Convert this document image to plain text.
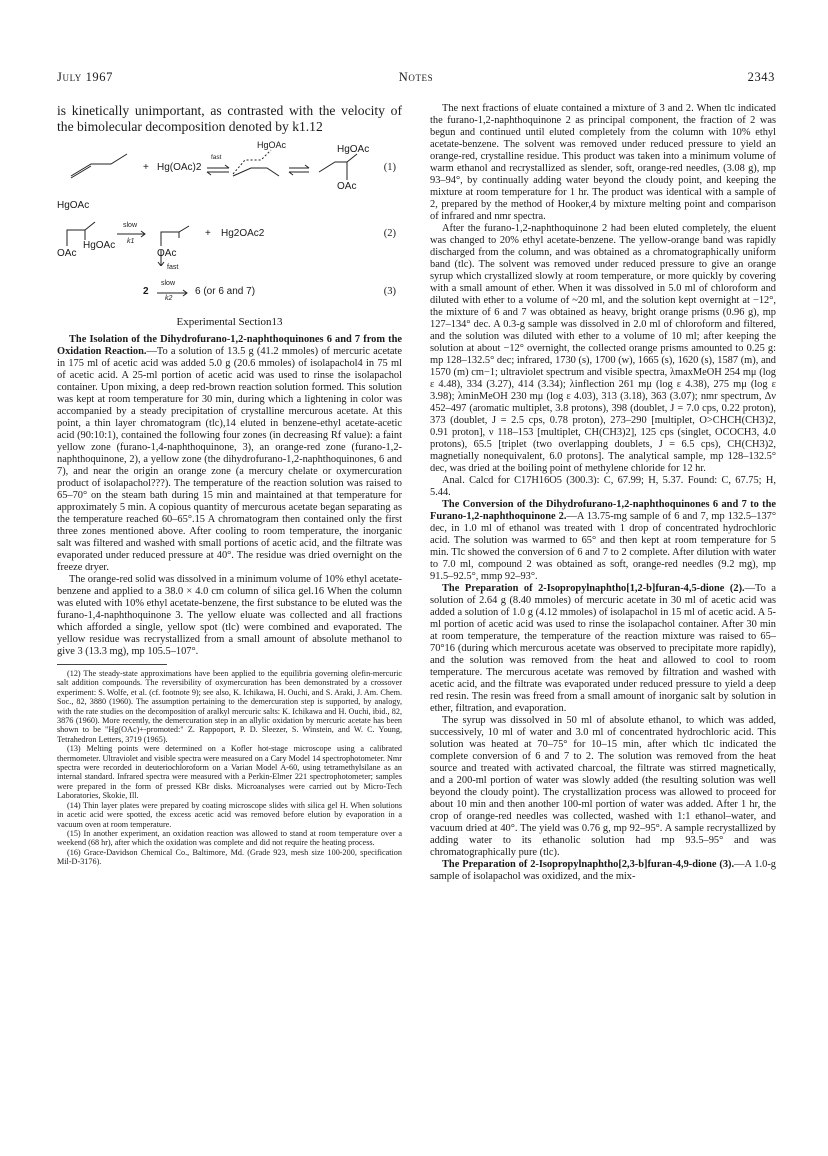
July 1967	Notes	2343

is kinetically unimportant, as contrasted with the velocity of the bimolecular decomposition denoted by k1.12

+ Hg(OAc)2
fast
HgOAc	HgOAc
OAc
(1)
HgOAc
OAc
HgOAc
slow
k1
OAc
+ Hg2OAc2	(2)
fast
2
slow
k2
6 (or 6 and 7)	(3)
Experimental Section13

The Isolation of the Dihydrofurano-1,2-naphthoquinones 6 and 7 from the Oxidation Reaction.—To a solution of 13.5 g (41.2 mmoles) of mercuric acetate in 175 ml of acetic acid was added 5.0 g (20.6 mmoles) of isolapachol4 in 75 ml of acetic acid. A 25-ml portion of acetic acid was used to rinse the isolapachol container. Upon mixing, a deep red-brown reaction solution formed. This solution was kept at room temperature for 30 min, during which a lightening in color was accompanied by a steady precipitation of crystalline mercurous acetate. At this point, a thin layer chromatogram (tlc),14 eluted in benzene-ethyl acetate-acetic acid (90:10:1), contained the following four zones (in decreasing Rf value): a faint yellow zone (furano-1,4-naphthoquinone, 3), an orange-red zone (furano-1,2-naphthoquinone, 2), a yellow zone (the dihydrofurano-1,2-naphthoquinones, 6 and 7), and near the origin an orange zone (a mercury chelate or oxymercuration product of isolapachol???). The temperature of the reaction solution was raised to 65–70° on the steam bath during 15 min and maintained at that temperature for approximately 5 min. A copious quantity of mercurous acetate began separating as the temperature reached 60–65°.15 A chromatogram then contained only the first three zones mentioned above. After cooling to room temperature, the inorganic salt was filtered and washed with small portions of acetic acid, and the filtrate was evaporated under reduced pressure at 40°. The residue was dried overnight on the freeze dryer.

The orange-red solid was dissolved in a minimum volume of 10% ethyl acetate-benzene and applied to a 38.0 × 4.0 cm column of silica gel.16 When the column was eluted with 10% ethyl acetate-benzene, the first substance to be eluted was the furano-1,4-naphthoquinone 3. The yellow eluate was collected and all fractions which afforded a single, yellow spot (tlc) were combined and evaporated. The yellow residue was recrystallized from a small amount of absolute methanol to give 3 (13.3 mg), mp 105.5–107°.

(12) The steady-state approximations have been applied to the equilibria governing olefin-mercuric salt addition compounds. The reversibility of oxymercuration has been demonstrated by a crossover experiment: S. Wolfe, et al. (cf. footnote 9); see also, K. Ichikawa, H. Ouchi, and S. Araki, J. Am. Chem. Soc., 82, 3880 (1960). The assumption pertaining to the demercuration step is supported, by analogy, with the rate studies on the decomposition of aralkyl mercuric salts: K. Ichikawa and H. Ouchi, ibid., 82, 3876 (1960). More recently, the demercuration step in an allylic oxidation by mercuric acetate has been shown to be "Hg(OAc)+-promoted:" Z. Rappoport, P. D. Sleezer, S. Winstein, and W. C. Young, Tetrahedron Letters, 3719 (1965).

(13) Melting points were determined on a Kofler hot-stage microscope using a calibrated thermometer. Ultraviolet and visible spectra were measured on a Cary Model 14 spectrophotometer. Nmr spectra were recorded in deuteriochloroform on a Varian Model A-60, using tetramethylsilane as an internal standard. Infrared spectra were measured with a Perkin-Elmer 221 spectrophotometer; samples were prepared in the form of pressed KBr disks. Microanalyses were carried out by Micro-Tech Laboratories, Skokie, Ill.

(14) Thin layer plates were prepared by coating microscope slides with silica gel H. When solutions in acetic acid were spotted, the excess acetic acid was removed before elution by evaporation in a vacuum oven at room temperature.

(15) In another experiment, an oxidation reaction was allowed to stand at room temperature over a weekend (68 hr), after which the oxidation was complete and did not require the heating process.

(16) Grace-Davidson Chemical Co., Baltimore, Md. (Grade 923, mesh size 100-200, specification Mil-D-3176).

The next fractions of eluate contained a mixture of 3 and 2. When tlc indicated the furano-1,2-naphthoquinone 2 as principal component, the fraction of 2 was begun and continued until eluted completely from the column with 10% ethyl acetate-benzene. The solvent was removed under reduced pressure to yield an orange-red, crystalline residue. This product was taken into a minimum volume of warm ethanol and recrystallized as slender, soft, orange-red needles, (3.08 g), mp 93–94°, by continually adding water beyond the cloudy point, and keeping the mixture at room temperature for 1 hr. The product was identical with a sample of 2, prepared by the method of Hooker,4 by mixture melting point and comparison of infrared and nmr spectra.

After the furano-1,2-naphthoquinone 2 had been eluted completely, the eluent was changed to 20% ethyl acetate-benzene. The yellow-orange band was rapidly discharged from the column, and was obtained as a chromatographically uniform band (tlc). The solvent was removed under reduced pressure to give an orange syrup which crystallized slowly at room temperature, or more quickly by covering with a small amount of ether. When it was dissolved in 5.0 ml of chloroform and diluted with ether to a volume of ~20 ml, and the solution kept overnight at −12°, the mixture of 6 and 7 was obtained as heavy, bright orange prisms (0.96 g), mp 127–134° dec. A 0.3-g sample was dissolved in 2.0 ml of chloroform and filtered, and the solution was diluted with ether to a volume of 10 ml; after keeping the solution at about −12° overnight, the collected orange prisms amounted to 0.25 g: mp 128–132.5° dec; infrared, 1730 (s), 1700 (w), 1665 (s), 1620 (s), 1587 (m), and 1570 (m) cm−1; ultraviolet spectrum and visible spectra, λmaxMeOH 254 mμ (log ε 4.48), 334 (3.27), 414 (3.34); λinflection 261 mμ (log ε 4.38), 275 mμ (log ε 3.98); λminMeOH 230 mμ (log ε 4.03), 313 (3.18), 363 (3.07); nmr spectrum, Δν 452–497 (aromatic multiplet, 3.8 protons), 398 (doublet, J = 7.0 cps, 0.22 proton), 373 (doublet, J = 2.5 cps, 0.78 proton), 273–290 [multiplet, O>CHCH(CH3)2, 0.91 proton], ν 118–153 [multiplet, CH(CH3)2], 125 cps (singlet, OCOCH3, 4.0 protons), 65.5 [triplet (two overlapping doublets, J = 6.5 cps), CH(CH3)2, magnetially nonequivalent, 6.0 protons]. The analytical sample, mp 128–132.5° dec, was dried at the boiling point of methylene chloride for 12 hr.

Anal. Calcd for C17H16O5 (300.3): C, 67.99; H, 5.37. Found: C, 67.75; H, 5.44.

The Conversion of the Dihydrofurano-1,2-naphthoquinones 6 and 7 to the Furano-1,2-naphthoquinone 2.—A 13.75-mg sample of 6 and 7, mp 132.5–137° dec, in 1.0 ml of ethanol was treated with 1 drop of concentrated hydrochloric acid. The solution was warmed to 65° and then kept at room temperature for 5 min. Tlc showed the conversion of 6 and 7 to 2 complete. After dilution with water to 7.0 ml, compound 2 was obtained as soft, orange-red needles (9.2 mg), mp 91.5–92.5°, mmp 92–93°.

The Preparation of 2-Isopropylnaphtho[1,2-b]furan-4,5-dione (2).—To a solution of 2.64 g (8.40 mmoles) of mercuric acetate in 30 ml of acetic acid was added a solution of 1.0 g (4.12 mmoles) of isolapachol in 15 ml of acetic acid. A 5-ml portion of acetic acid was used to rinse the isolapachol container. After 30 min at room temperature, the temperature of the reaction mixture was raised to 65–70°16 (during which mercurous acetate was observed to precipitate more rapidly), and the solution was removed from the heat and allowed to cool to room temperature. The mercurous acetate was removed by filtration and washed with acetic acid, and the filtrate was evaporated under reduced pressure to yield a deep red resin. The resin was freed from a small amount of inorganic salt by solution in ether, filtration, and evaporation.

The syrup was dissolved in 50 ml of absolute ethanol, to which was added, successively, 10 ml of water and 3.0 ml of concentrated hydrochloric acid. This solution was heated at 70–75° for 10–15 min, after which tlc indicated the complete conversion of 6 and 7 to 2. The solution was removed from the heat source and treated with activated charcoal, the filtrate was stirred magnetically, and a 200-ml portion of water was slowly added (the resulting solution was well beyond the cloudy point). The crystallization process was allowed to proceed for about 10 min and then another 100-ml portion of water was added. After 1 hr, the crop of orange-red needles was collected, washed with 1:1 ethanol–water, and vacuum dried at 40°. The yield was 0.76 g, mp 92–95°. A sample recrystallized by adding water to its ethanolic solution had mp 93.5–95° and was chromatographically pure (tlc).

The Preparation of 2-Isopropylnaphtho[2,3-b]furan-4,9-dione (3).—A 1.0-g sample of isolapachol was oxidized, and the mix-
